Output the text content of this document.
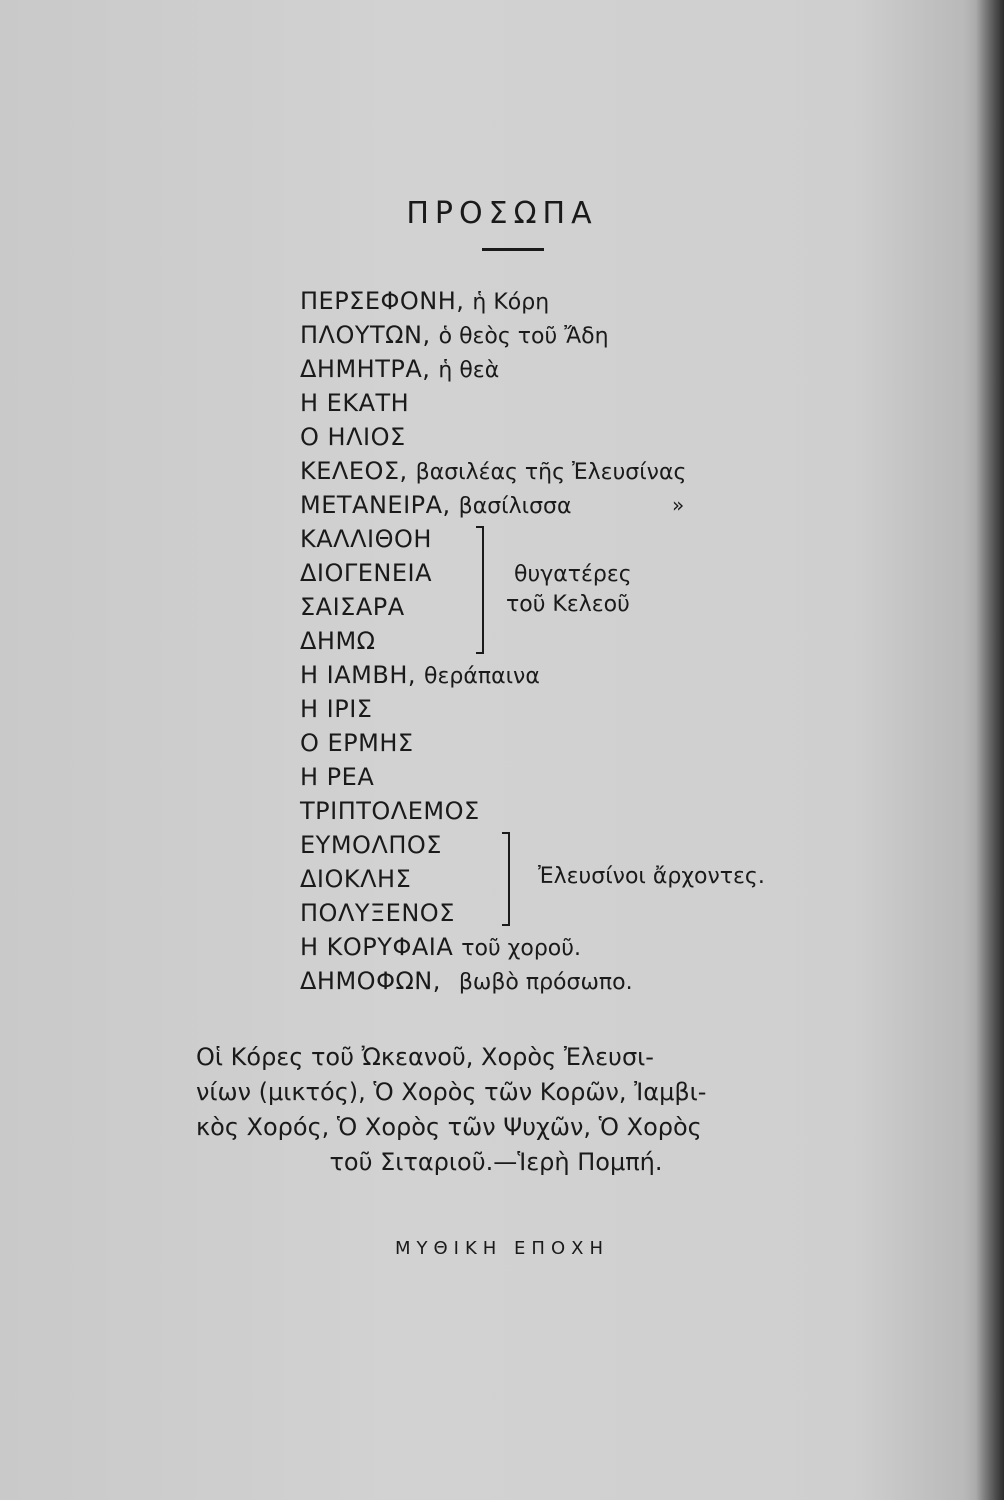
ΠΡΟΣΩΠΑ
ΠΕΡΣΕΦΟΝΗ, ἡ Κόρη
ΠΛΟΥΤΩΝ, ὁ θεὸς τοῦ Ἄδη
ΔΗΜΗΤΡΑ, ἡ θεὰ
Η ΕΚΑΤΗ
Ο ΗΛΙΟΣ
ΚΕΛΕΟΣ, βασιλέας τῆς Ἐλευσίνας
ΜΕΤΑΝΕΙΡΑ, βασίλισσα	»
ΚΑΛΛΙΘΟΗ
ΔΙΟΓΕΝΕΙΑ
ΣΑΙΣΑΡΑ
ΔΗΜΩ
θυγατέρες
τοῦ Κελεοῦ
Η ΙΑΜΒΗ, θεράπαινα
Η ΙΡΙΣ
Ο ΕΡΜΗΣ
Η ΡΕΑ
ΤΡΙΠΤΟΛΕΜΟΣ
ΕΥΜΟΛΠΟΣ
ΔΙΟΚΛΗΣ
ΠΟΛΥΞΕΝΟΣ
Ἐλευσίνοι ἄρχοντες.
Η ΚΟΡΥΦΑΙΑ τοῦ χοροῦ.
ΔΗΜΟΦΩΝ, βωβὸ πρόσωπο.

Οἱ Κόρες τοῦ Ὠκεανοῦ, Χορὸς Ἐλευσι-

νίων (μικτός), Ὁ Χορὸς τῶν Κορῶν, Ἰαμβι-

κὸς Χορός, Ὁ Χορὸς τῶν Ψυχῶν, Ὁ Χορὸς

τοῦ Σιταριοῦ.—Ἱερὴ Πομπή.

ΜΥΘΙΚΗ ΕΠΟΧΗ
